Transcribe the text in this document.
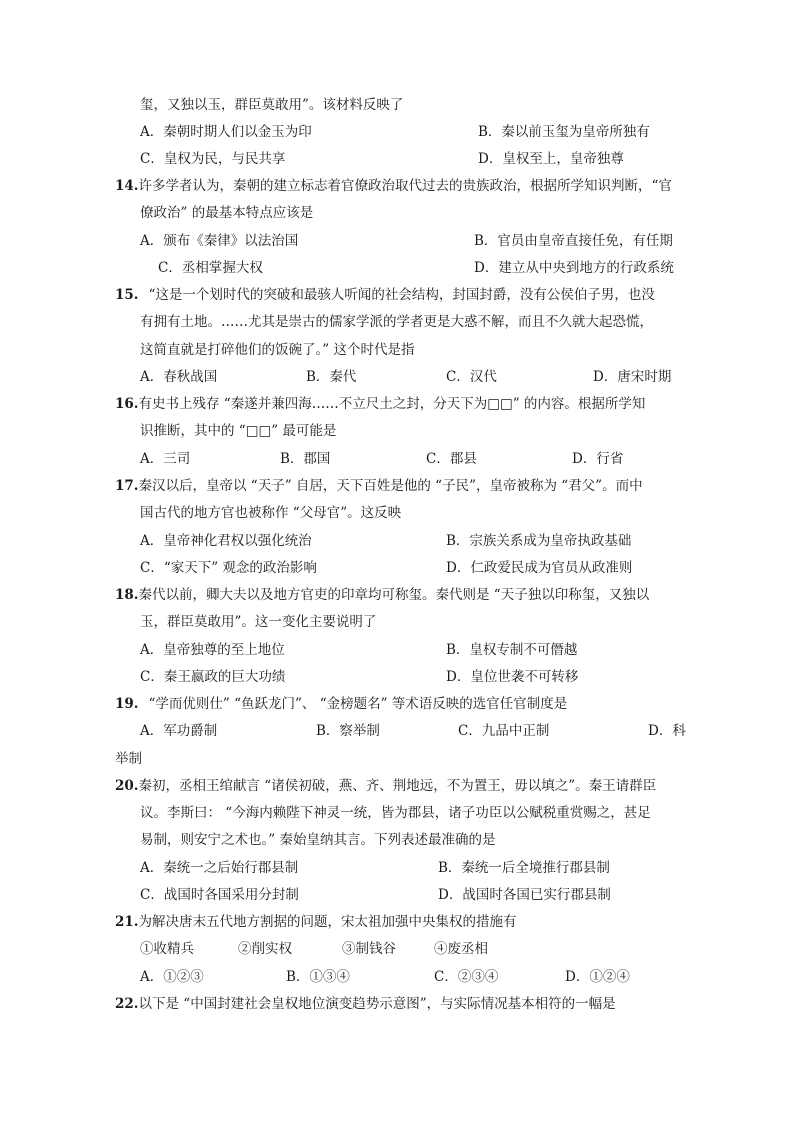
玺，又独以玉，群臣莫敢用”。该材料反映了
A．秦朝时期人们以金玉为印	B．秦以前玉玺为皇帝所独有
C．皇权为民，与民共享	D．皇权至上，皇帝独尊
14.许多学者认为，秦朝的建立标志着官僚政治取代过去的贵族政治，根据所学知识判断，“官
僚政治” 的最基本特点应该是
A．颁布《秦律》以法治国	B．官员由皇帝直接任免，有任期
C．丞相掌握大权	D．建立从中央到地方的行政系统
15. “这是一个划时代的突破和最骇人听闻的社会结构，封国封爵，没有公侯伯子男，也没
有拥有土地。……尤其是崇古的儒家学派的学者更是大惑不解，而且不久就大起恐慌，
这简直就是打碎他们的饭碗了。” 这个时代是指
A．春秋战国	B．秦代	C．汉代	D．唐宋时期
16.有史书上残存 “秦遂并兼四海……不立尺土之封，分天下为□□” 的内容。根据所学知
识推断，其中的 “□□” 最可能是
A．三司	B．郡国	C．郡县	D．行省
17.秦汉以后，皇帝以 “天子” 自居，天下百姓是他的 “子民”，皇帝被称为 “君父”。而中
国古代的地方官也被称作 “父母官”。这反映
A．皇帝神化君权以强化统治	B．宗族关系成为皇帝执政基础
C．“家天下” 观念的政治影响	D．仁政爱民成为官员从政准则
18.秦代以前，卿大夫以及地方官吏的印章均可称玺。秦代则是 “天子独以印称玺，又独以
玉，群臣莫敢用”。这一变化主要说明了
A．皇帝独尊的至上地位	B．皇权专制不可僭越
C．秦王嬴政的巨大功绩	D．皇位世袭不可转移
19. “学而优则仕” “鱼跃龙门”、 “金榜题名” 等术语反映的选官任官制度是
A．军功爵制	B．察举制	C．九品中正制	D．科
举制
20.秦初，丞相王绾献言 “诸侯初破，燕、齐、荆地远，不为置王，毋以填之”。秦王请群臣
议。李斯曰： “今海内赖陛下神灵一统，皆为郡县，诸子功臣以公赋税重赏赐之，甚足
易制，则安宁之术也。” 秦始皇纳其言。下列表述最准确的是
A．秦统一之后始行郡县制	B．秦统一后全境推行郡县制
C．战国时各国采用分封制	D．战国时各国已实行郡县制
21.为解决唐末五代地方割据的问题，宋太祖加强中央集权的措施有
①收精兵	②削实权	③制钱谷	④废丞相
A．①②③	B．①③④	C．②③④	D．①②④
22.以下是 “中国封建社会皇权地位演变趋势示意图”，与实际情况基本相符的一幅是
